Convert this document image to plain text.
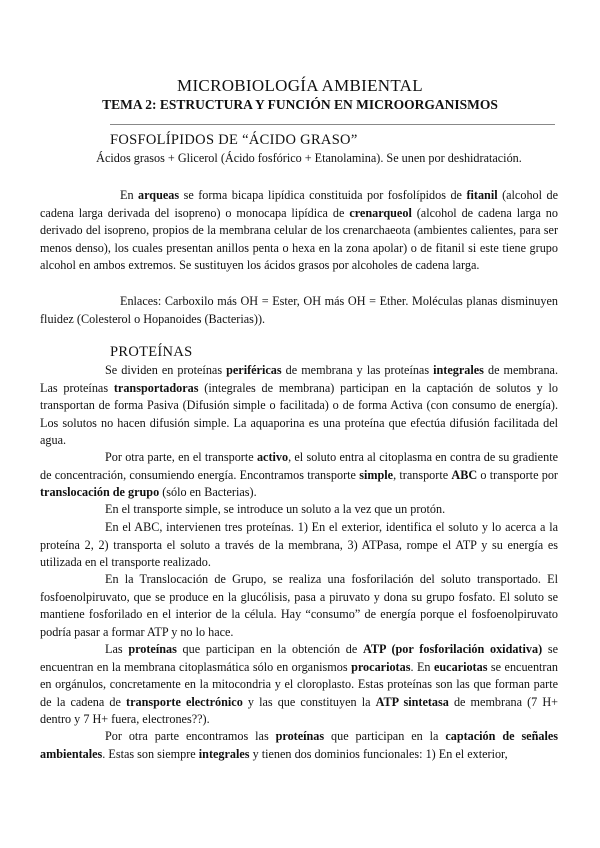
MICROBIOLOGÍA AMBIENTAL
TEMA 2: ESTRUCTURA Y FUNCIÓN EN MICROORGANISMOS
FOSFOLÍPIDOS DE “ÁCIDO GRASO”
Ácidos grasos + Glicerol (Ácido fosfórico + Etanolamina). Se unen por deshidratación.
En arqueas se forma bicapa lipídica constituida por fosfolípidos de fitanil (alcohol de cadena larga derivada del isopreno) o monocapa lipídica de crenarqueol (alcohol de cadena larga no derivado del isopreno, propios de la membrana celular de los crenarchaeota (ambientes calientes, para ser menos denso), los cuales presentan anillos penta o hexa en la zona apolar) o de fitanil si este tiene grupo alcohol en ambos extremos. Se sustituyen los ácidos grasos por alcoholes de cadena larga.
Enlaces: Carboxilo más OH = Ester, OH más OH = Ether. Moléculas planas disminuyen fluidez (Colesterol o Hopanoides (Bacterias)).
PROTEÍNAS
Se dividen en proteínas periféricas de membrana y las proteínas integrales de membrana. Las proteínas transportadoras (integrales de membrana) participan en la captación de solutos y lo transportan de forma Pasiva (Difusión simple o facilitada) o de forma Activa (con consumo de energía). Los solutos no hacen difusión simple. La aquaporina es una proteína que efectúa difusión facilitada del agua.
Por otra parte, en el transporte activo, el soluto entra al citoplasma en contra de su gradiente de concentración, consumiendo energía. Encontramos transporte simple, transporte ABC o transporte por translocación de grupo (sólo en Bacterias).
En el transporte simple, se introduce un soluto a la vez que un protón.
En el ABC, intervienen tres proteínas. 1) En el exterior, identifica el soluto y lo acerca a la proteína 2, 2) transporta el soluto a través de la membrana, 3) ATPasa, rompe el ATP y su energía es utilizada en el transporte realizado.
En la Translocación de Grupo, se realiza una fosforilación del soluto transportado. El fosfoenolpiruvato, que se produce en la glucólisis, pasa a piruvato y dona su grupo fosfato. El soluto se mantiene fosforilado en el interior de la célula. Hay “consumo” de energía porque el fosfoenolpiruvato podría pasar a formar ATP y no lo hace.
Las proteínas que participan en la obtención de ATP (por fosforilación oxidativa) se encuentran en la membrana citoplasmática sólo en organismos procariotas. En eucariotas se encuentran en orgánulos, concretamente en la mitocondria y el cloroplasto. Estas proteínas son las que forman parte de la cadena de transporte electrónico y las que constituyen la ATP sintetasa de membrana (7 H+ dentro y 7 H+ fuera, electrones??).
Por otra parte encontramos las proteínas que participan en la captación de señales ambientales. Estas son siempre integrales y tienen dos dominios funcionales: 1) En el exterior,
